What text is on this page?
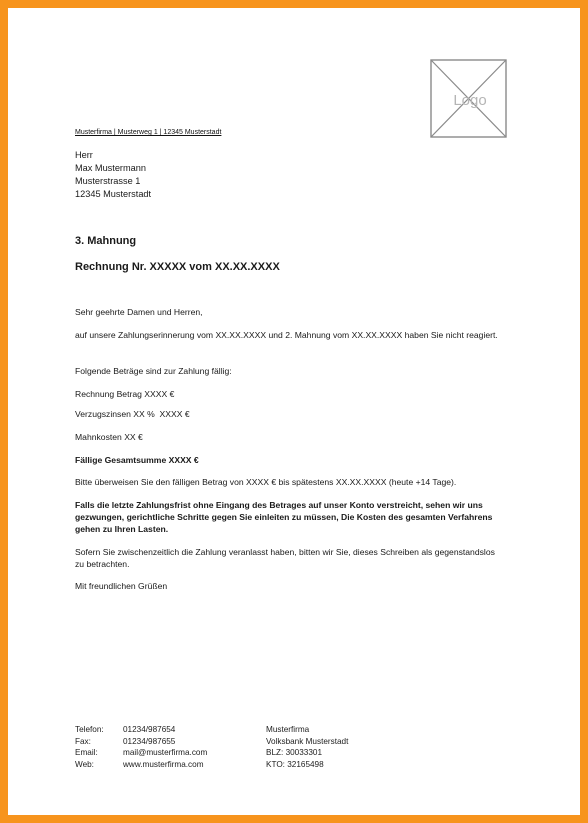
Logo
Musterfirma | Musterweg 1 | 12345 Musterstadt
Herr
Max Mustermann
Musterstrasse 1
12345 Musterstadt
3. Mahnung
Rechnung Nr. XXXXX vom XX.XX.XXXX
Sehr geehrte Damen und Herren,
auf unsere Zahlungserinnerung vom XX.XX.XXXX und 2. Mahnung vom XX.XX.XXXX haben Sie nicht reagiert.
Folgende Beträge sind zur Zahlung fällig:
Rechnung Betrag XXXX €
Verzugszinsen XX %  XXXX €
Mahnkosten XX €
Fällige Gesamtsumme XXXX €
Bitte überweisen Sie den fälligen Betrag von XXXX € bis spätestens XX.XX.XXXX (heute +14 Tage).
Falls die letzte Zahlungsfrist ohne Eingang des Betrages auf unser Konto verstreicht, sehen wir uns gezwungen, gerichtliche Schritte gegen Sie einleiten zu müssen, Die Kosten des gesamten Verfahrens gehen zu Ihren Lasten.
Sofern Sie zwischenzeitlich die Zahlung veranlasst haben, bitten wir Sie, dieses Schreiben als gegenstandslos zu betrachten.
Mit freundlichen Grüßen
Telefon:
Fax:
Email:
Web:
01234/987654
01234/987655
mail@musterfirma.com
www.musterfirma.com
Musterfirma
Volksbank Musterstadt
BLZ: 30033301
KTO: 32165498
